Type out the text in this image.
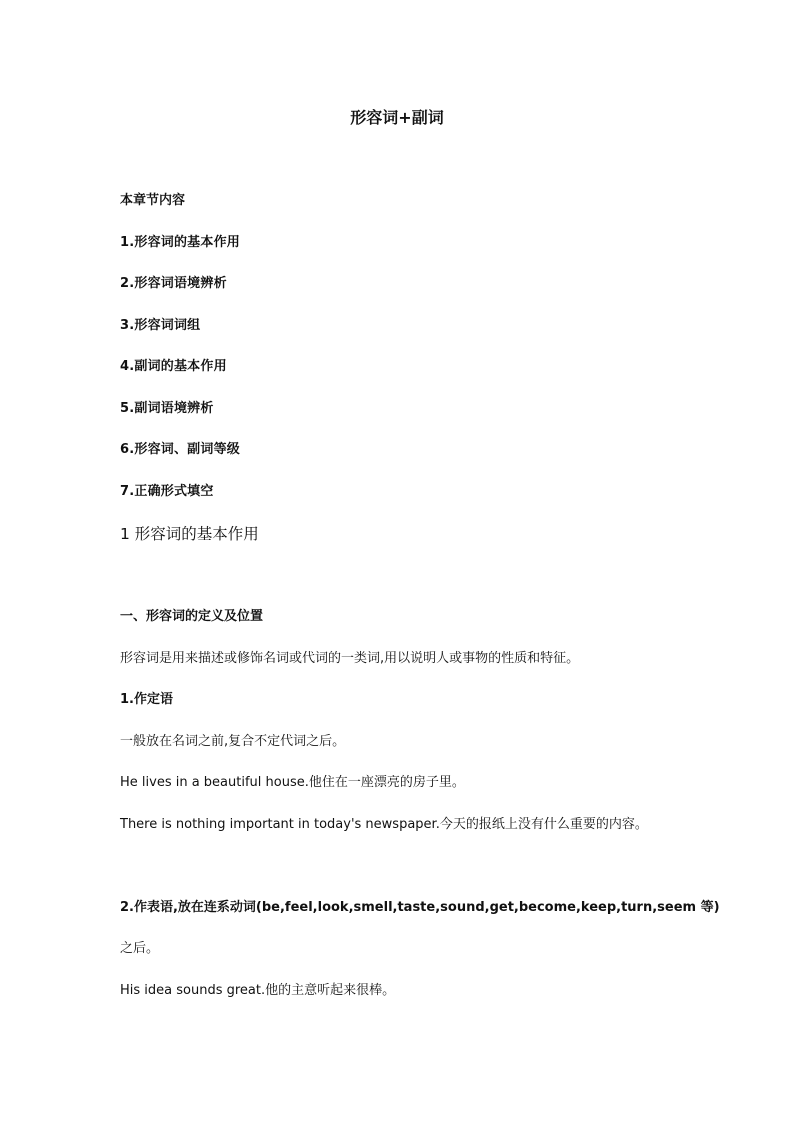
形容词+副词
本章节内容
1.形容词的基本作用
2.形容词语境辨析
3.形容词词组
4.副词的基本作用
5.副词语境辨析
6.形容词、副词等级
7.正确形式填空
1 形容词的基本作用
一、形容词的定义及位置
形容词是用来描述或修饰名词或代词的一类词,用以说明人或事物的性质和特征。
1.作定语
一般放在名词之前,复合不定代词之后。
He lives in a beautiful house.他住在一座漂亮的房子里。
There is nothing important in today's newspaper.今天的报纸上没有什么重要的内容。
2.作表语,放在连系动词(be,feel,look,smell,taste,sound,get,become,keep,turn,seem 等)
之后。
His idea sounds great.他的主意听起来很棒。
